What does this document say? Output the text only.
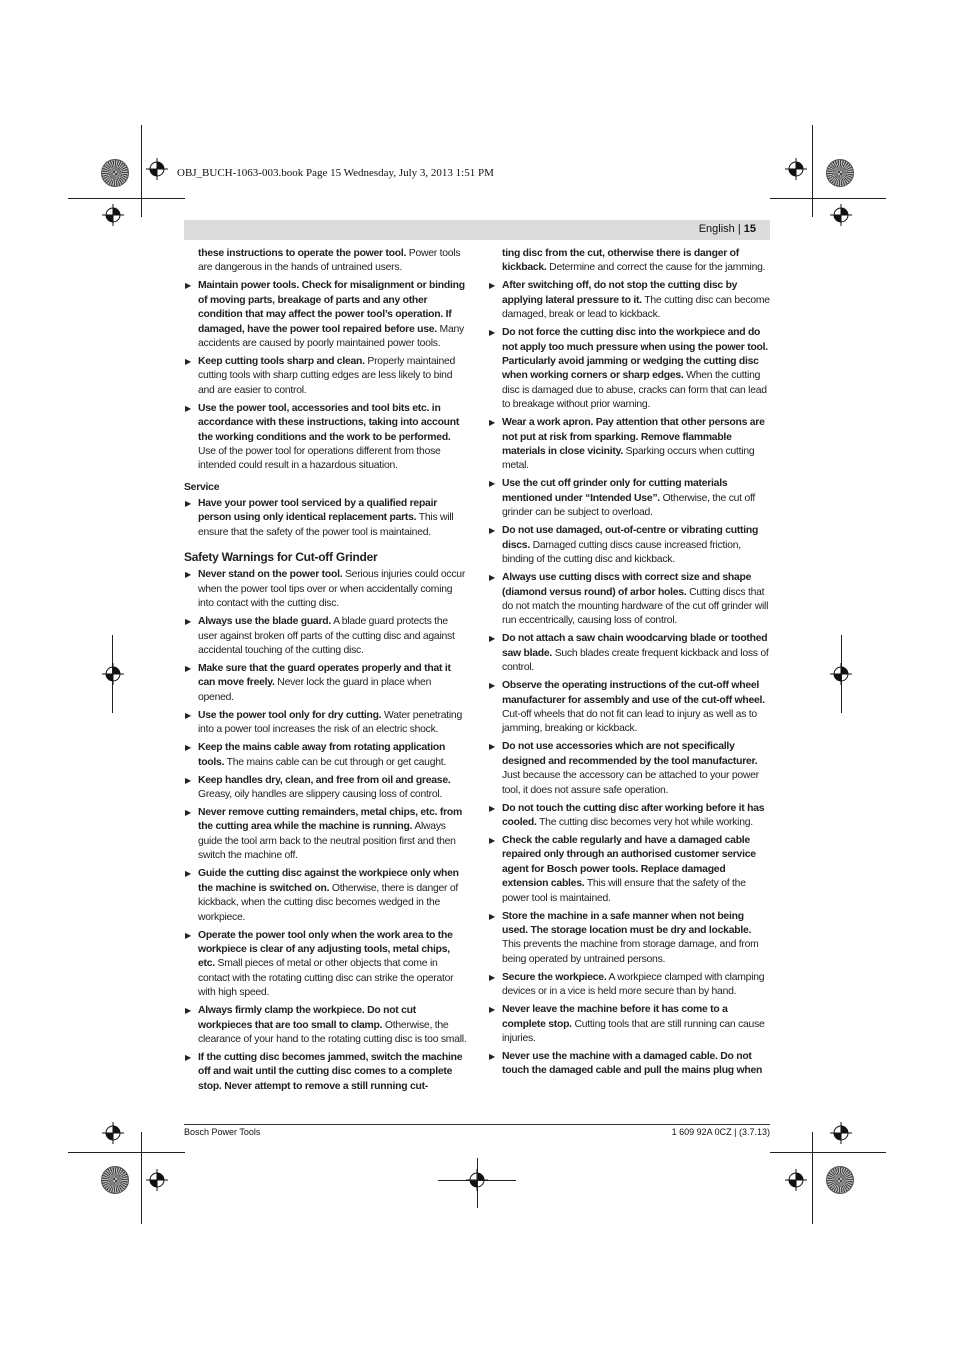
OBJ_BUCH-1063-003.book Page 15 Wednesday, July 3, 2013 1:51 PM
English | 15
these instructions to operate the power tool. Power tools are dangerous in the hands of untrained users.
▶ Maintain power tools. Check for misalignment or binding of moving parts, breakage of parts and any other condition that may affect the power tool’s operation. If damaged, have the power tool repaired before use. Many accidents are caused by poorly maintained power tools.
▶ Keep cutting tools sharp and clean. Properly maintained cutting tools with sharp cutting edges are less likely to bind and are easier to control.
▶ Use the power tool, accessories and tool bits etc. in accordance with these instructions, taking into account the working conditions and the work to be performed. Use of the power tool for operations different from those intended could result in a hazardous situation.
Service
▶ Have your power tool serviced by a qualified repair person using only identical replacement parts. This will ensure that the safety of the power tool is maintained.
Safety Warnings for Cut-off Grinder
▶ Never stand on the power tool. Serious injuries could occur when the power tool tips over or when accidentally coming into contact with the cutting disc.
▶ Always use the blade guard. A blade guard protects the user against broken off parts of the cutting disc and against accidental touching of the cutting disc.
▶ Make sure that the guard operates properly and that it can move freely. Never lock the guard in place when opened.
▶ Use the power tool only for dry cutting. Water penetrating into a power tool increases the risk of an electric shock.
▶ Keep the mains cable away from rotating application tools. The mains cable can be cut through or get caught.
▶ Keep handles dry, clean, and free from oil and grease. Greasy, oily handles are slippery causing loss of control.
▶ Never remove cutting remainders, metal chips, etc. from the cutting area while the machine is running. Always guide the tool arm back to the neutral position first and then switch the machine off.
▶ Guide the cutting disc against the workpiece only when the machine is switched on. Otherwise, there is danger of kickback, when the cutting disc becomes wedged in the workpiece.
▶ Operate the power tool only when the work area to the workpiece is clear of any adjusting tools, metal chips, etc. Small pieces of metal or other objects that come in contact with the rotating cutting disc can strike the operator with high speed.
▶ Always firmly clamp the workpiece. Do not cut workpieces that are too small to clamp. Otherwise, the clearance of your hand to the rotating cutting disc is too small.
▶ If the cutting disc becomes jammed, switch the machine off and wait until the cutting disc comes to a complete stop. Never attempt to remove a still running cut-
ting disc from the cut, otherwise there is danger of kickback. Determine and correct the cause for the jamming.
▶ After switching off, do not stop the cutting disc by applying lateral pressure to it. The cutting disc can become damaged, break or lead to kickback.
▶ Do not force the cutting disc into the workpiece and do not apply too much pressure when using the power tool. Particularly avoid jamming or wedging the cutting disc when working corners or sharp edges. When the cutting disc is damaged due to abuse, cracks can form that can lead to breakage without prior warning.
▶ Wear a work apron. Pay attention that other persons are not put at risk from sparking. Remove flammable materials in close vicinity. Sparking occurs when cutting metal.
▶ Use the cut off grinder only for cutting materials mentioned under “Intended Use”. Otherwise, the cut off grinder can be subject to overload.
▶ Do not use damaged, out-of-centre or vibrating cutting discs. Damaged cutting discs cause increased friction, binding of the cutting disc and kickback.
▶ Always use cutting discs with correct size and shape (diamond versus round) of arbor holes. Cutting discs that do not match the mounting hardware of the cut off grinder will run eccentrically, causing loss of control.
▶ Do not attach a saw chain woodcarving blade or toothed saw blade. Such blades create frequent kickback and loss of control.
▶ Observe the operating instructions of the cut-off wheel manufacturer for assembly and use of the cut-off wheel. Cut-off wheels that do not fit can lead to injury as well as to jamming, breaking or kickback.
▶ Do not use accessories which are not specifically designed and recommended by the tool manufacturer. Just because the accessory can be attached to your power tool, it does not assure safe operation.
▶ Do not touch the cutting disc after working before it has cooled. The cutting disc becomes very hot while working.
▶ Check the cable regularly and have a damaged cable repaired only through an authorised customer service agent for Bosch power tools. Replace damaged extension cables. This will ensure that the safety of the power tool is maintained.
▶ Store the machine in a safe manner when not being used. The storage location must be dry and lockable. This prevents the machine from storage damage, and from being operated by untrained persons.
▶ Secure the workpiece. A workpiece clamped with clamping devices or in a vice is held more secure than by hand.
▶ Never leave the machine before it has come to a complete stop. Cutting tools that are still running can cause injuries.
▶ Never use the machine with a damaged cable. Do not touch the damaged cable and pull the mains plug when
Bosch Power Tools	1 609 92A 0CZ | (3.7.13)
